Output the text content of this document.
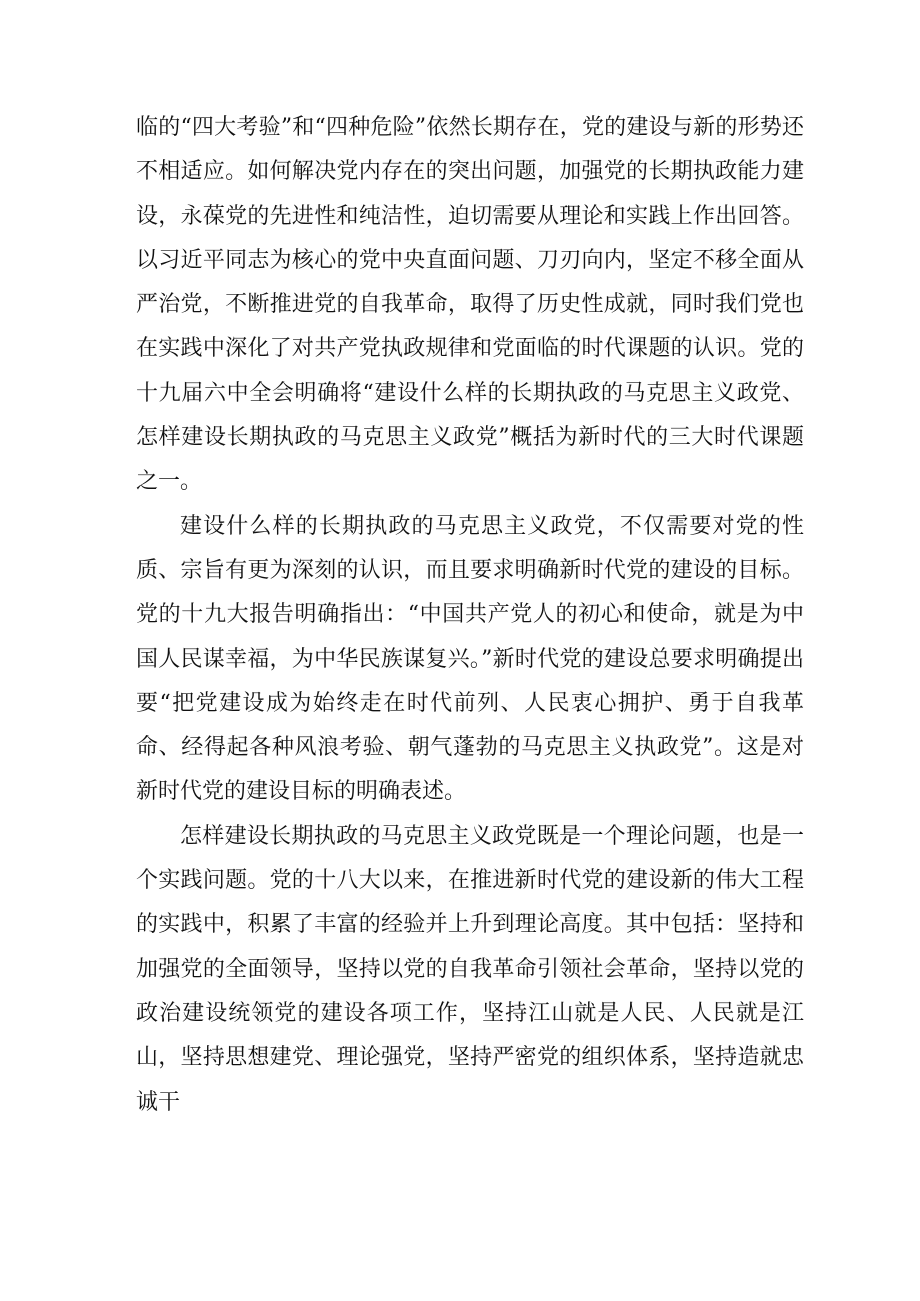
临的“四大考验”和“四种危险”依然长期存在，党的建设与新的形势还不相适应。如何解决党内存在的突出问题，加强党的长期执政能力建设，永葆党的先进性和纯洁性，迫切需要从理论和实践上作出回答。以习近平同志为核心的党中央直面问题、刀刃向内，坚定不移全面从严治党，不断推进党的自我革命，取得了历史性成就，同时我们党也在实践中深化了对共产党执政规律和党面临的时代课题的认识。党的十九届六中全会明确将“建设什么样的长期执政的马克思主义政党、怎样建设长期执政的马克思主义政党”概括为新时代的三大时代课题之一。

建设什么样的长期执政的马克思主义政党，不仅需要对党的性质、宗旨有更为深刻的认识，而且要求明确新时代党的建设的目标。党的十九大报告明确指出：“中国共产党人的初心和使命，就是为中国人民谋幸福，为中华民族谋复兴。”新时代党的建设总要求明确提出要“把党建设成为始终走在时代前列、人民衷心拥护、勇于自我革命、经得起各种风浪考验、朝气蓬勃的马克思主义执政党”。这是对新时代党的建设目标的明确表述。

怎样建设长期执政的马克思主义政党既是一个理论问题，也是一个实践问题。党的十八大以来，在推进新时代党的建设新的伟大工程的实践中，积累了丰富的经验并上升到理论高度。其中包括：坚持和加强党的全面领导，坚持以党的自我革命引领社会革命，坚持以党的政治建设统领党的建设各项工作，坚持江山就是人民、人民就是江山，坚持思想建党、理论强党，坚持严密党的组织体系，坚持造就忠诚干
